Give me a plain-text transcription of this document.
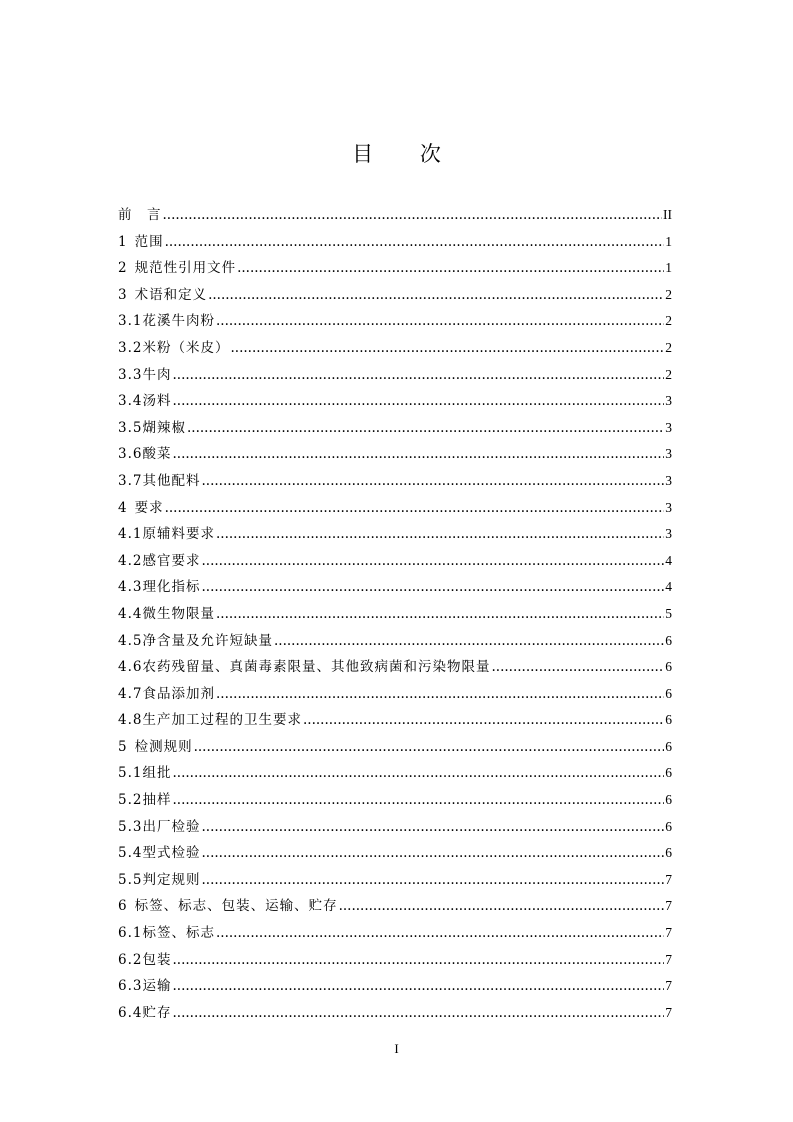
目 次
前　言 .....	II
1 范围 .....	1
2 规范性引用文件 .....	1
3 术语和定义 .....	2
3.1花溪牛肉粉 .....	2
3.2米粉（米皮） .....	2
3.3牛肉 .....	2
3.4汤料 .....	3
3.5煳辣椒 .....	3
3.6酸菜 .....	3
3.7其他配料 .....	3
4 要求 .....	3
4.1原辅料要求 .....	3
4.2感官要求 .....	4
4.3理化指标 .....	4
4.4微生物限量 .....	5
4.5净含量及允许短缺量 .....	6
4.6农药残留量、真菌毒素限量、其他致病菌和污染物限量 .....	6
4.7食品添加剂 .....	6
4.8生产加工过程的卫生要求 .....	6
5 检测规则 .....	6
5.1组批 .....	6
5.2抽样 .....	6
5.3出厂检验 .....	6
5.4型式检验 .....	6
5.5判定规则 .....	7
6 标签、标志、包装、运输、贮存 .....	7
6.1标签、标志 .....	7
6.2包装 .....	7
6.3运输 .....	7
6.4贮存 .....	7
I
